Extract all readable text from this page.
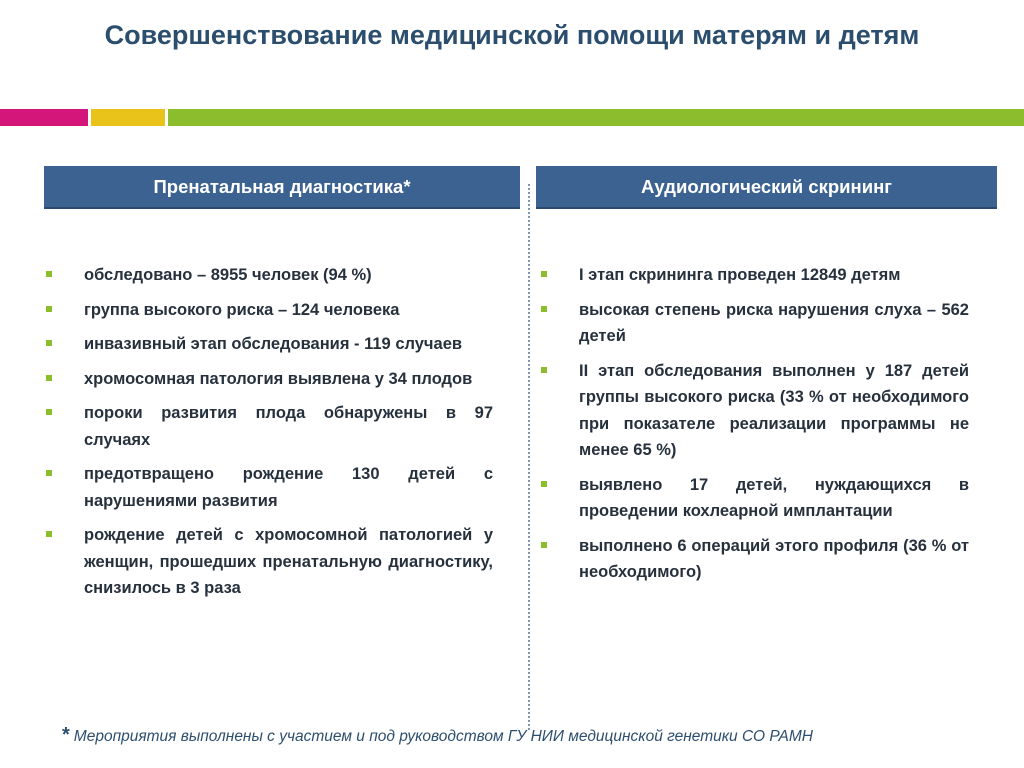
Совершенствование медицинской помощи матерям и детям
Пренатальная диагностика*	Аудиологический скрининг
обследовано – 8955 человек (94 %)
группа высокого риска – 124 человека
инвазивный этап обследования - 119 случаев
хромосомная патология выявлена у 34 плодов
пороки развития плода обнаружены в 97 случаях
предотвращено рождение 130 детей с нарушениями развития
рождение детей с хромосомной патологией у женщин, прошедших пренатальную диагностику, снизилось в 3 раза
I этап скрининга проведен 12849 детям
высокая степень риска нарушения слуха – 562 детей
II этап обследования выполнен у 187 детей группы высокого риска (33 % от необходимого при показателе реализации программы не менее 65 %)
выявлено 17 детей, нуждающихся в проведении кохлеарной имплантации
выполнено 6 операций этого профиля (36 % от необходимого)
* Мероприятия выполнены с участием и под руководством ГУ НИИ медицинской генетики СО РАМН
